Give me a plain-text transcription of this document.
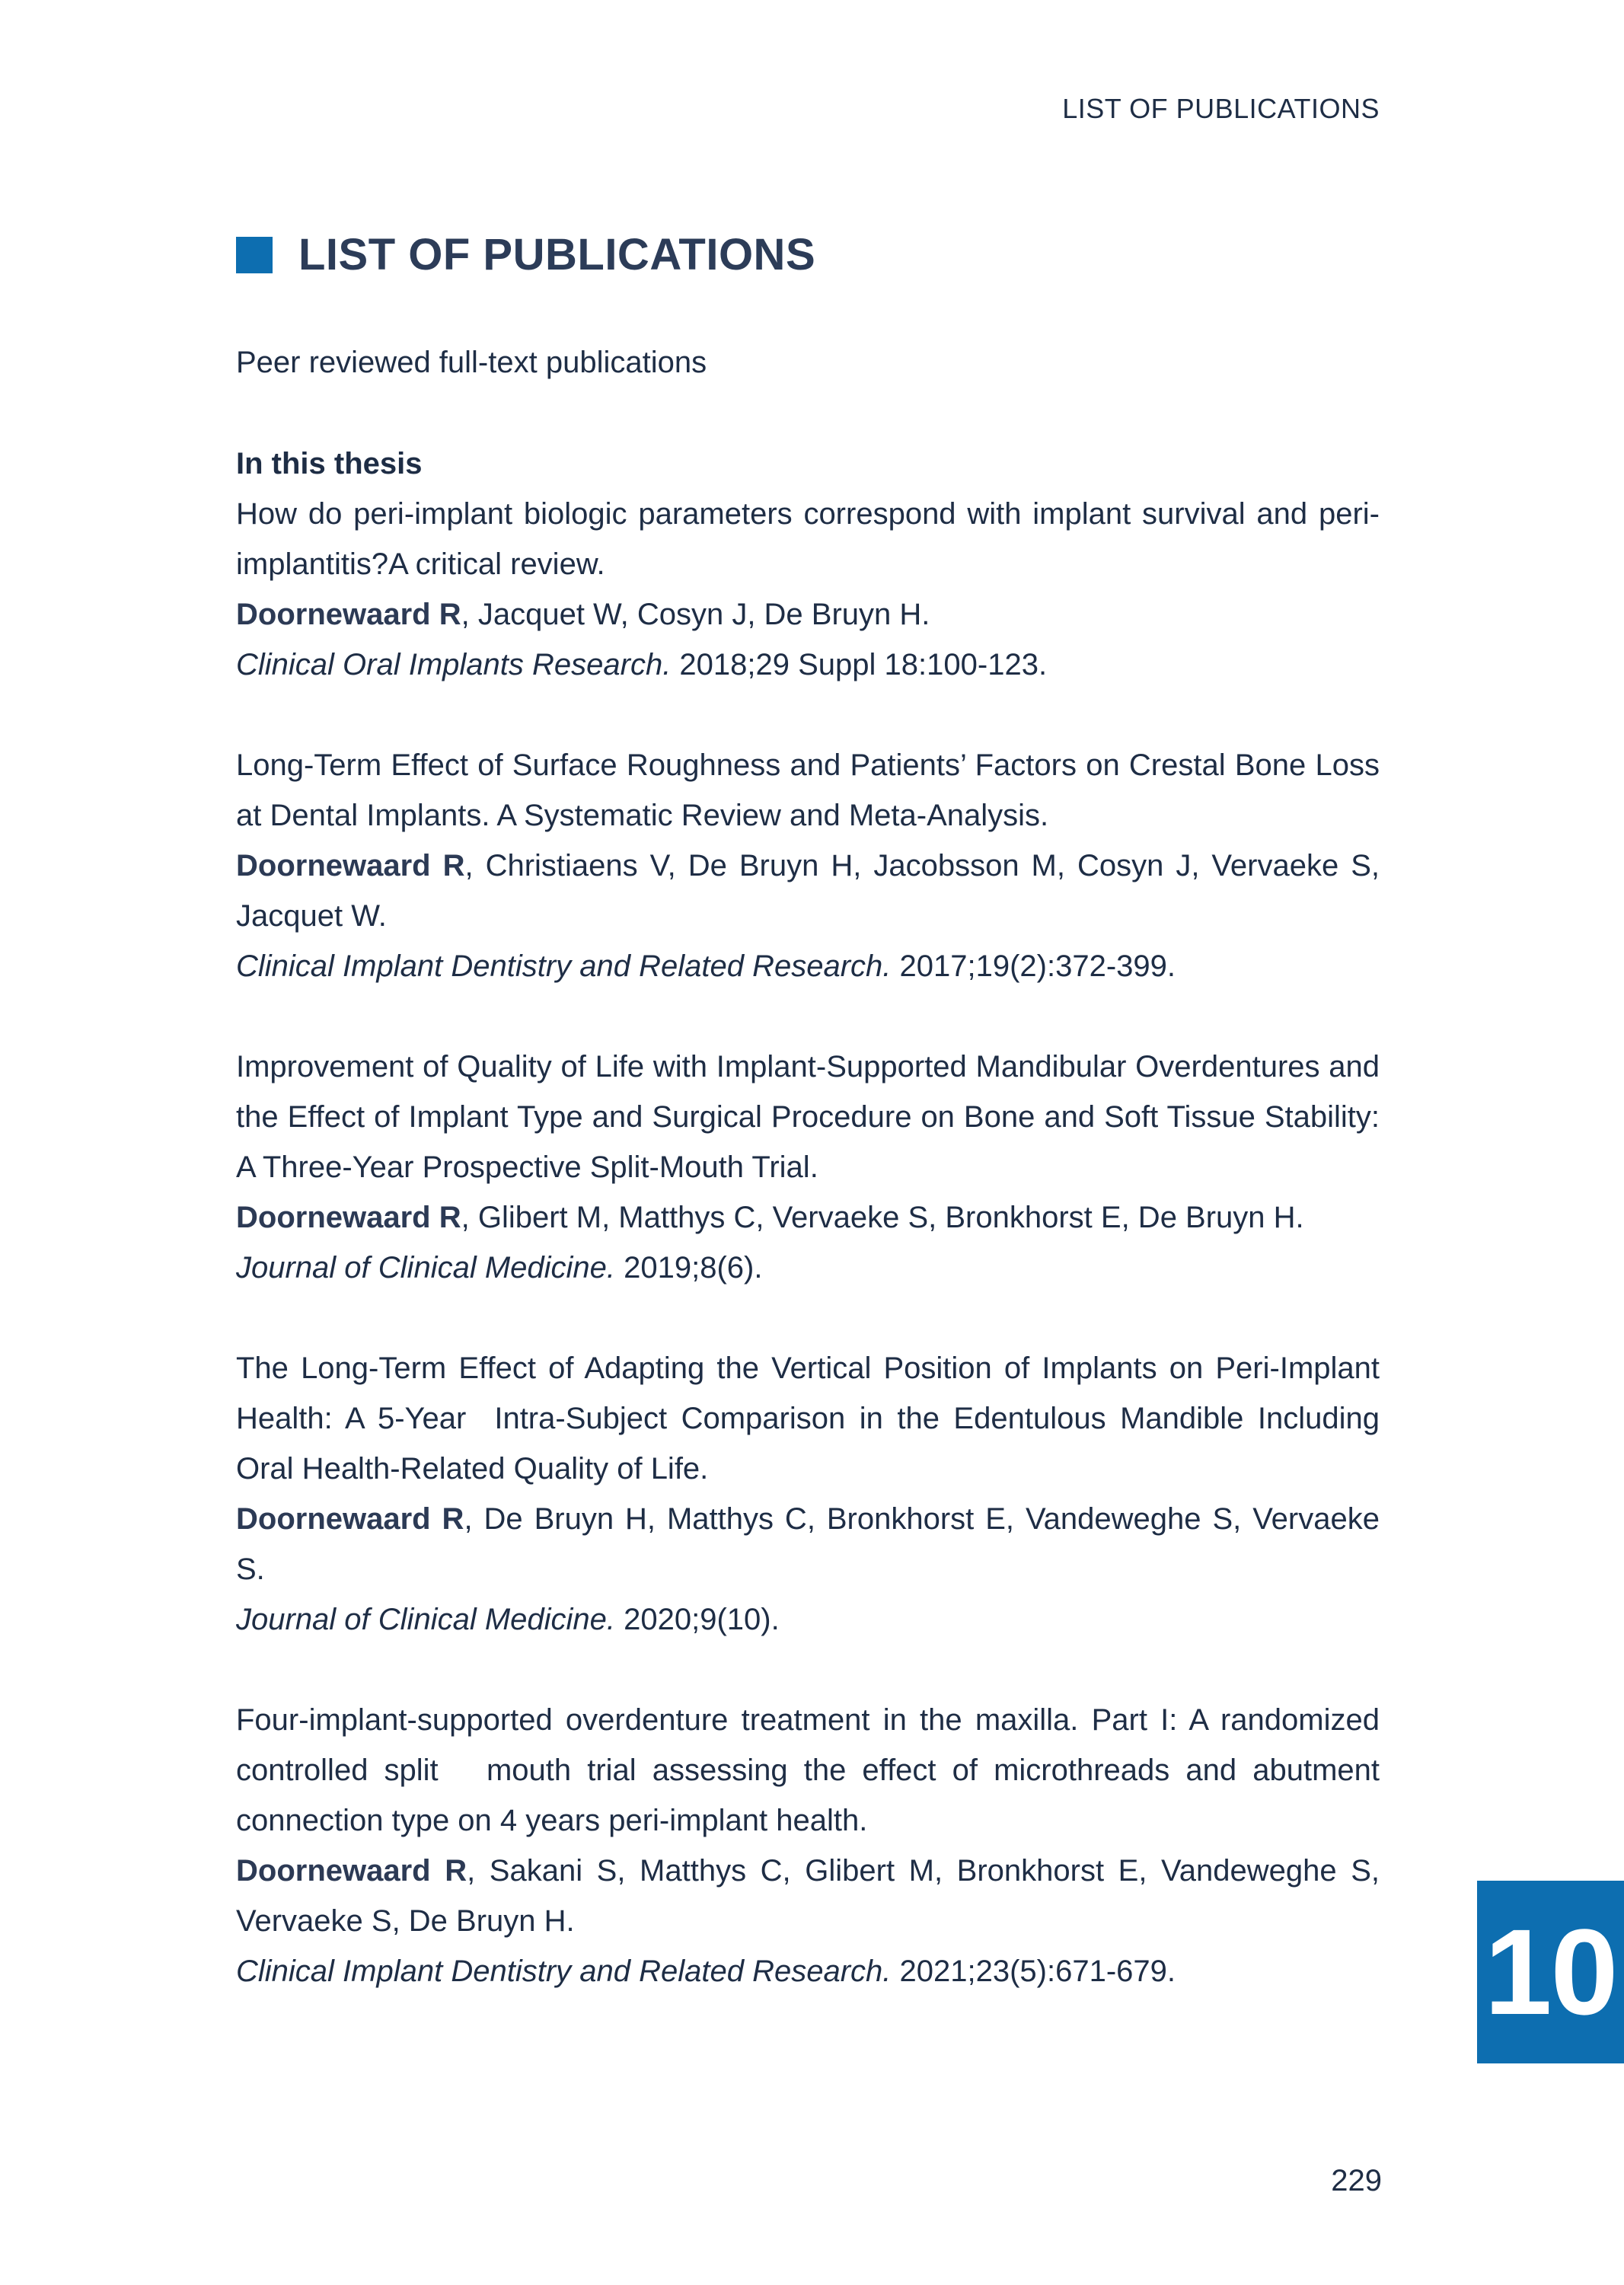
LIST OF PUBLICATIONS
LIST OF PUBLICATIONS

Peer reviewed full-text publications

In this thesis

How do peri-implant biologic parameters correspond with implant survival and peri-implantitis?A critical review.

Doornewaard R, Jacquet W, Cosyn J, De Bruyn H.

Clinical Oral Implants Research. 2018;29 Suppl 18:100-123.

Long-Term Effect of Surface Roughness and Patients’ Factors on Crestal Bone Loss at Dental Implants. A Systematic Review and Meta-Analysis.

Doornewaard R, Christiaens V, De Bruyn H, Jacobsson M, Cosyn J, Vervaeke S, Jacquet W.

Clinical Implant Dentistry and Related Research. 2017;19(2):372-399.

Improvement of Quality of Life with Implant-Supported Mandibular Overdentures and the Effect of Implant Type and Surgical Procedure on Bone and Soft Tissue Stability: A Three-Year Prospective Split-Mouth Trial.

Doornewaard R, Glibert M, Matthys C, Vervaeke S, Bronkhorst E, De Bruyn H.

Journal of Clinical Medicine. 2019;8(6).

The Long-Term Effect of Adapting the Vertical Position of Implants on Peri-Implant Health: A 5-Year  Intra-Subject Comparison in the Edentulous Mandible Including Oral Health-Related Quality of Life.

Doornewaard R, De Bruyn H, Matthys C, Bronkhorst E, Vandeweghe S, Vervaeke S.

Journal of Clinical Medicine. 2020;9(10).

Four-implant-supported overdenture treatment in the maxilla. Part I: A randomized controlled split   mouth trial assessing the effect of microthreads and abutment connection type on 4 years peri-implant health.

Doornewaard R, Sakani S, Matthys C, Glibert M, Bronkhorst E, Vandeweghe S, Vervaeke S, De Bruyn H.

Clinical Implant Dentistry and Related Research. 2021;23(5):671-679.	10
229
